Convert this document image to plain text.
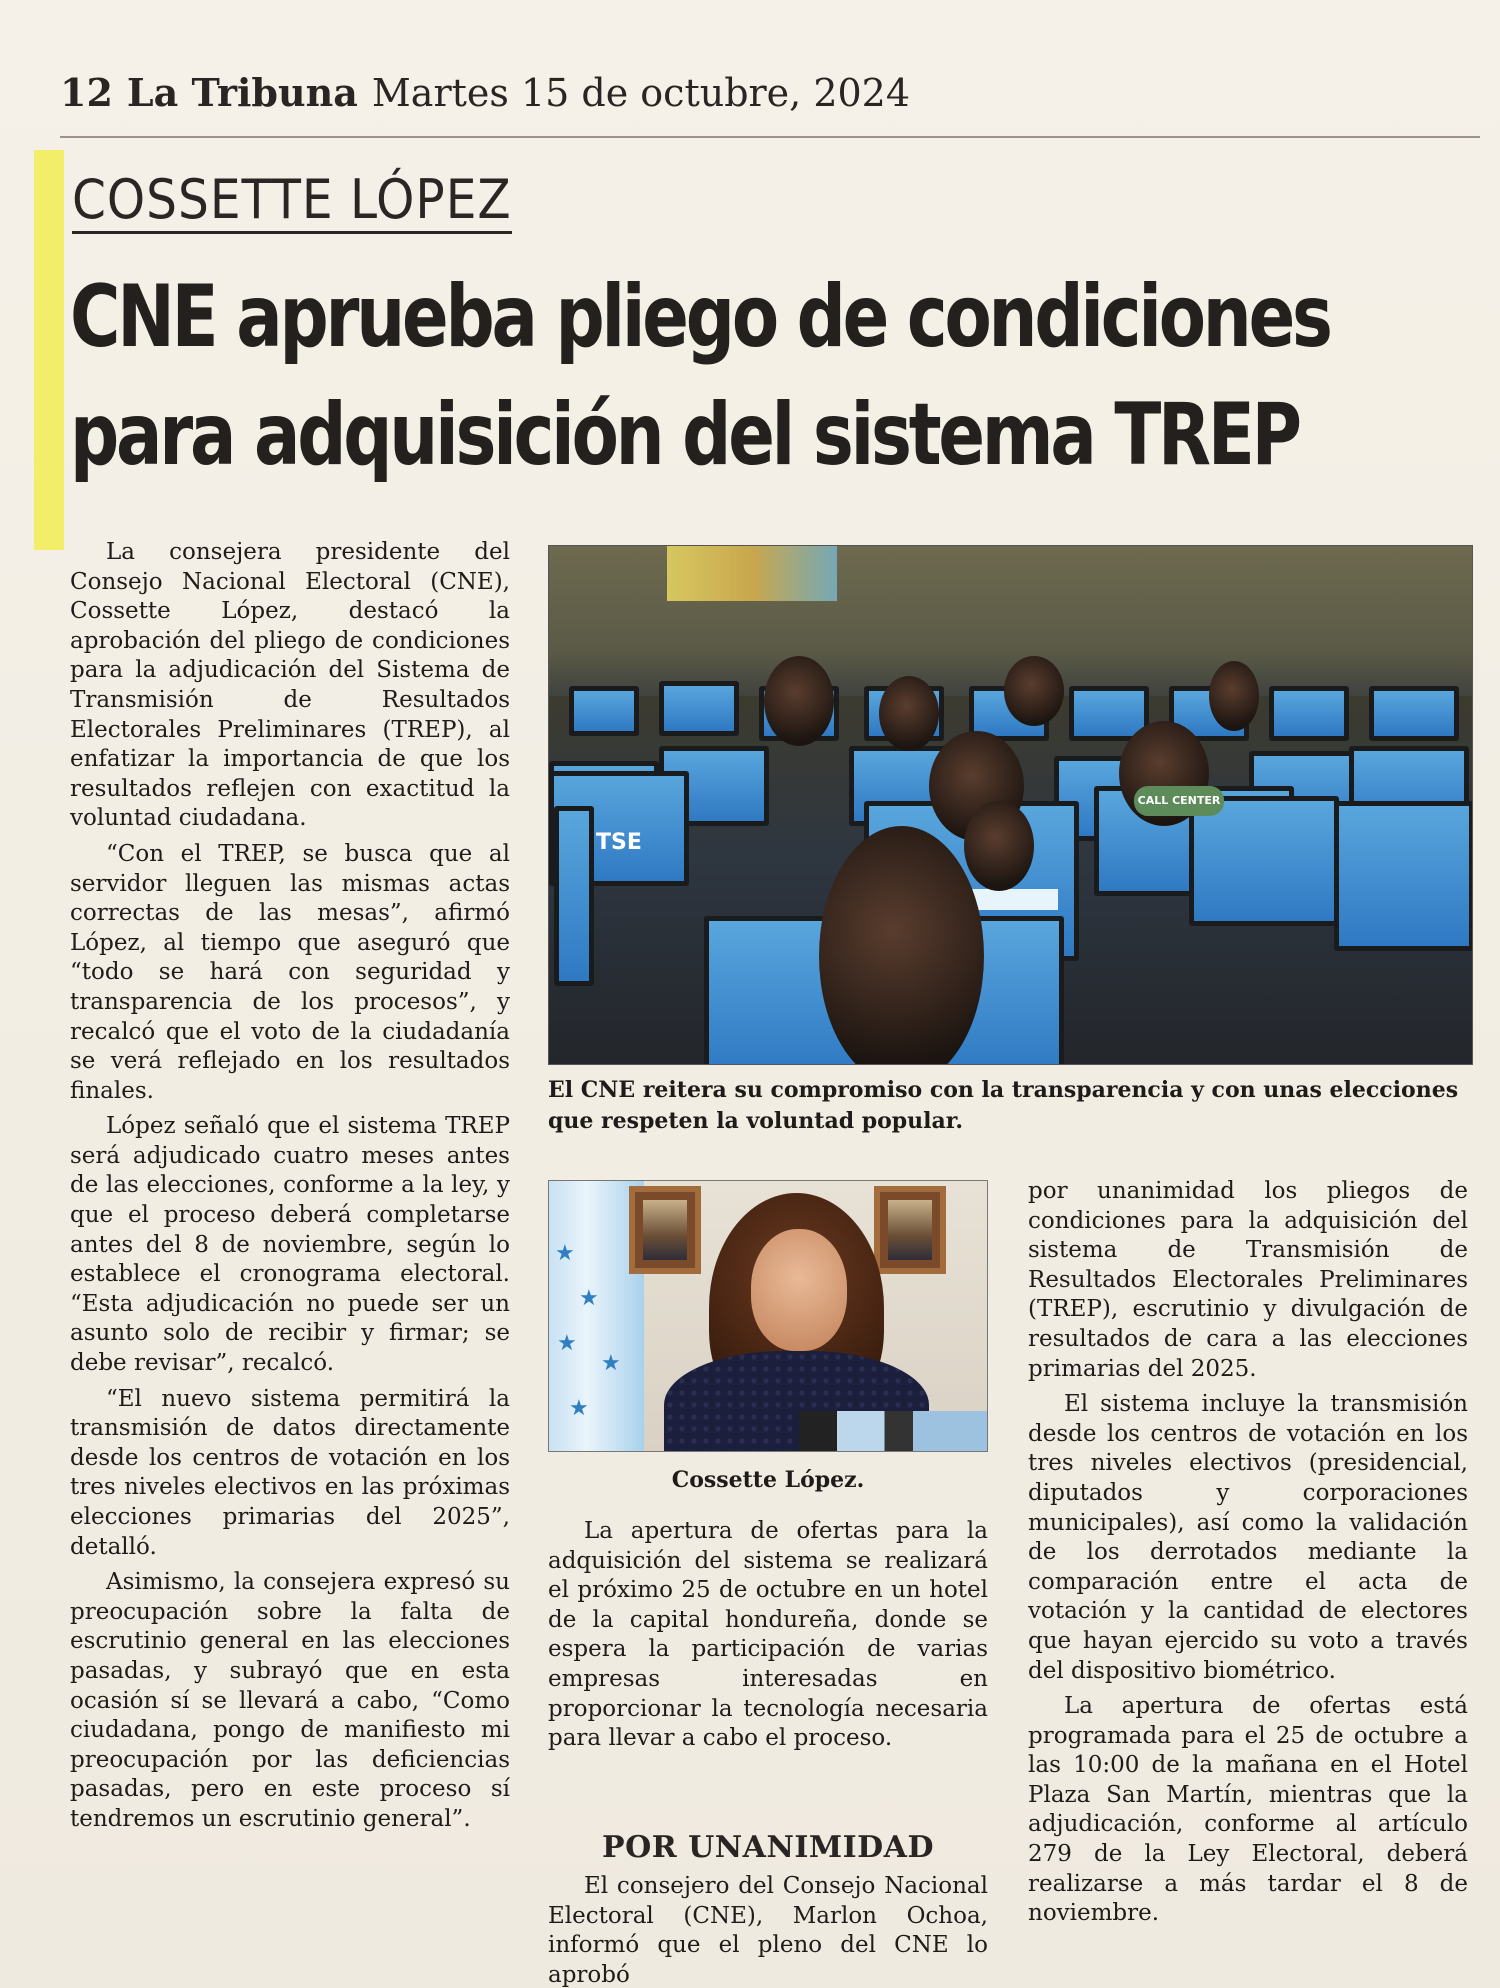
12 La Tribuna Martes 15 de octubre, 2024
COSSETTE LÓPEZ
CNE aprueba pliego de condiciones
para adquisición del sistema TREP

La consejera presidente del Consejo Nacional Electoral (CNE), Cossette López, destacó la aprobación del pliego de condiciones para la adjudicación del Sistema de Transmisión de Resultados Electorales Preliminares (TREP), al enfatizar la importancia de que los resultados reflejen con exactitud la voluntad ciudadana.

“Con el TREP, se busca que al servidor lleguen las mismas actas correctas de las mesas”, afirmó López, al tiempo que aseguró que “todo se hará con seguridad y transparencia de los procesos”, y recalcó que el voto de la ciudadanía se verá reflejado en los resultados finales.

López señaló que el sistema TREP será adjudicado cuatro meses antes de las elecciones, conforme a la ley, y que el proceso deberá completarse antes del 8 de noviembre, según lo establece el cronograma electoral. “Esta adjudicación no puede ser un asunto solo de recibir y firmar; se debe revisar”, recalcó.

“El nuevo sistema permitirá la transmisión de datos directamente desde los centros de votación en los tres niveles electivos en las próximas elecciones primarias del 2025”, detalló.

Asimismo, la consejera expresó su preocupación sobre la falta de escrutinio general en las elecciones pasadas, y subrayó que en esta ocasión sí se llevará a cabo, “Como ciudadana, pongo de manifiesto mi preocupación por las deficiencias pasadas, pero en este proceso sí tendremos un escrutinio general”.

TSE
CALL CENTER
El CNE reitera su compromiso con la transparencia y con unas elecciones que respeten la voluntad popular.
★
★
★
★
★
Cossette López.

La apertura de ofertas para la adquisición del sistema se realizará el próximo 25 de octubre en un hotel de la capital hondureña, donde se espera la participación de varias empresas interesadas en proporcionar la tecnología necesaria para llevar a cabo el proceso.

POR UNANIMIDAD

El consejero del Consejo Nacional Electoral (CNE), Marlon Ochoa, informó que el pleno del CNE lo aprobó

por unanimidad los pliegos de condiciones para la adquisición del sistema de Transmisión de Resultados Electorales Preliminares (TREP), escrutinio y divulgación de resultados de cara a las elecciones primarias del 2025.

El sistema incluye la transmisión desde los centros de votación en los tres niveles electivos (presidencial, diputados y corporaciones municipales), así como la validación de los derrotados mediante la comparación entre el acta de votación y la cantidad de electores que hayan ejercido su voto a través del dispositivo biométrico.

La apertura de ofertas está programada para el 25 de octubre a las 10:00 de la mañana en el Hotel Plaza San Martín, mientras que la adjudicación, conforme al artículo 279 de la Ley Electoral, deberá realizarse a más tardar el 8 de noviembre.
